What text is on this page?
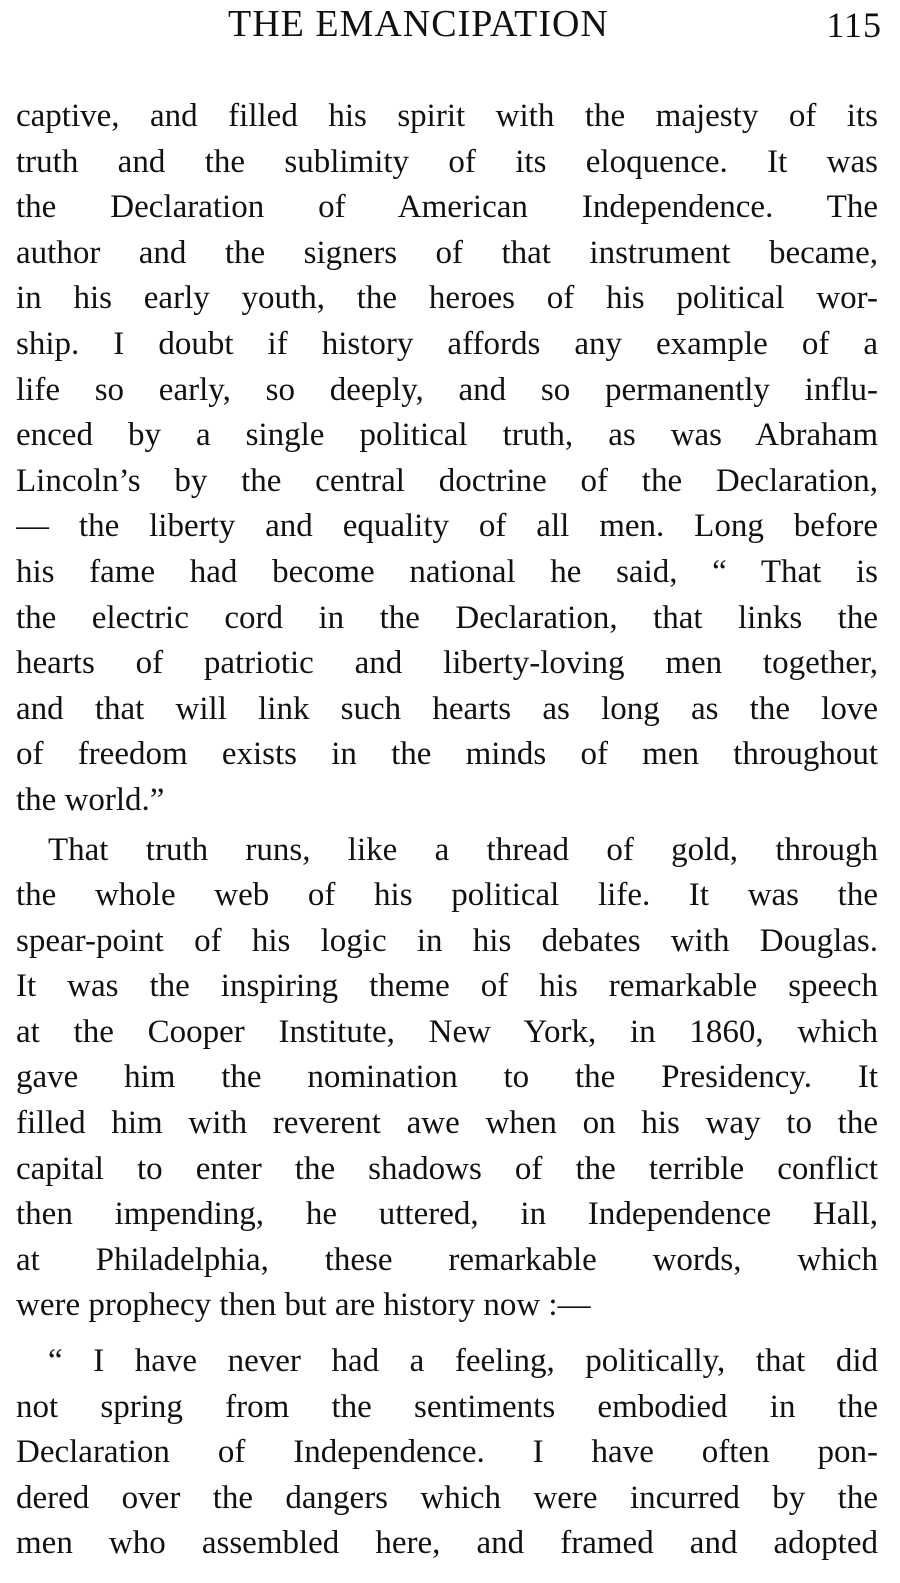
THE EMANCIPATION	115
captive, and filled his spirit with the majesty of its
truth and the sublimity of its eloquence. It was
the Declaration of American Independence. The
author and the signers of that instrument became,
in his early youth, the heroes of his political wor-
ship. I doubt if history affords any example of a
life so early, so deeply, and so permanently influ-
enced by a single political truth, as was Abraham
Lincoln’s by the central doctrine of the Declaration,
— the liberty and equality of all men. Long before
his fame had become national he said, “ That is
the electric cord in the Declaration, that links the
hearts of patriotic and liberty-loving men together,
and that will link such hearts as long as the love
of freedom exists in the minds of men throughout
the world.”
That truth runs, like a thread of gold, through
the whole web of his political life. It was the
spear-point of his logic in his debates with Douglas.
It was the inspiring theme of his remarkable speech
at the Cooper Institute, New York, in 1860, which
gave him the nomination to the Presidency. It
filled him with reverent awe when on his way to the
capital to enter the shadows of the terrible conflict
then impending, he uttered, in Independence Hall,
at Philadelphia, these remarkable words, which
were prophecy then but are history now :—
“ I have never had a feeling, politically, that did
not spring from the sentiments embodied in the
Declaration of Independence. I have often pon-
dered over the dangers which were incurred by the
men who assembled here, and framed and adopted
